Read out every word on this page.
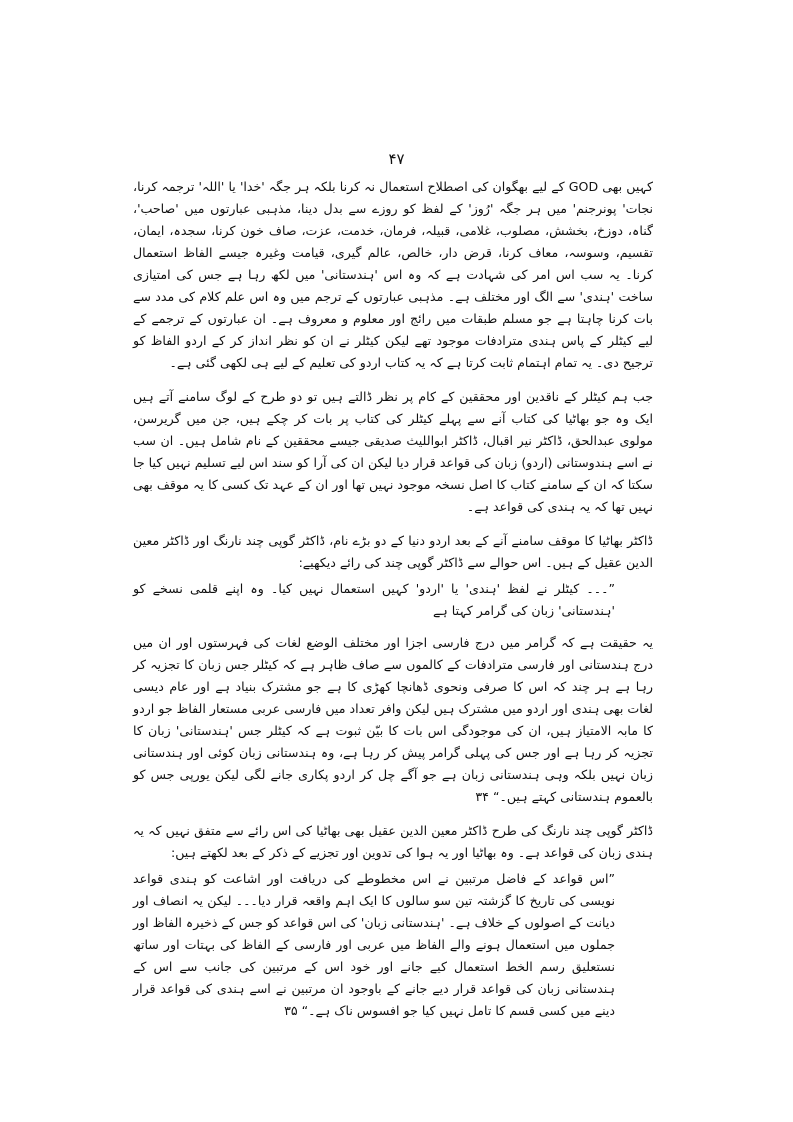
۴۷

کہیں بھی GOD کے لیے بھگوان کی اصطلاح استعمال نہ کرنا بلکہ ہر جگہ 'خدا' یا 'اللہ' ترجمہ کرنا، نجات' پونرجنم' میں ہر جگہ 'رُوز' کے لفظ کو روزے سے بدل دینا، مذہبی عبارتوں میں 'صاحب'، گناہ، دوزخ، بخشش، مصلوب، غلامی، قبیلہ، فرمان، خدمت، عزت، صاف خون کرنا، سجدہ، ایمان، تقسیم، وسوسہ، معاف کرنا، قرض دار، خالص، عالم گیری، قیامت وغیرہ جیسے الفاظ استعمال کرنا۔ یہ سب اس امر کی شہادت ہے کہ وہ اس 'ہندستانی' میں لکھ رہا ہے جس کی امتیازی ساخت 'ہندی' سے الگ اور مختلف ہے۔ مذہبی عبارتوں کے ترجم میں وہ اس علم کلام کی مدد سے بات کرنا چاہتا ہے جو مسلم طبقات میں رائج اور معلوم و معروف ہے۔ ان عبارتوں کے ترجمے کے لیے کیٹلر کے پاس ہندی مترادفات موجود تھے لیکن کیٹلر نے ان کو نظر انداز کر کے اردو الفاظ کو ترجیح دی۔ یہ تمام اہتمام ثابت کرتا ہے کہ یہ کتاب اردو کی تعلیم کے لیے ہی لکھی گئی ہے۔

جب ہم کیٹلر کے ناقدین اور محققین کے کام پر نظر ڈالتے ہیں تو دو طرح کے لوگ سامنے آتے ہیں ایک وہ جو بھاٹیا کی کتاب آنے سے پہلے کیٹلر کی کتاب پر بات کر چکے ہیں، جن میں گریرسن، مولوی عبدالحق، ڈاکٹر نیر اقبال، ڈاکٹر ابواللیث صدیقی جیسے محققین کے نام شامل ہیں۔ ان سب نے اسے ہندوستانی (اردو) زبان کی قواعد قرار دیا لیکن ان کی آرا کو سند اس لیے تسلیم نہیں کیا جا سکتا کہ ان کے سامنے کتاب کا اصل نسخہ موجود نہیں تھا اور ان کے عہد تک کسی کا یہ موقف بھی نہیں تھا کہ یہ ہندی کی قواعد ہے۔

ڈاکٹر بھاٹیا کا موقف سامنے آنے کے بعد اردو دنیا کے دو بڑے نام، ڈاکٹر گوپی چند نارنگ اور ڈاکٹر معین الدین عقیل کے ہیں۔ اس حوالے سے ڈاکٹر گوپی چند کی رائے دیکھیے:

”۔۔۔ کیٹلر نے لفظ 'ہندی' یا 'اردو' کہیں استعمال نہیں کیا۔ وہ اپنے قلمی نسخے کو 'ہندستانی' زبان کی گرامر کہتا ہے

یہ حقیقت ہے کہ گرامر میں درج فارسی اجزا اور مختلف الوضع لغات کی فہرستوں اور ان میں درج ہندستانی اور فارسی مترادفات کے کالموں سے صاف ظاہر ہے کہ کیٹلر جس زبان کا تجزیہ کر رہا ہے ہر چند کہ اس کا صرفی ونحوی ڈھانچا کھڑی کا ہے جو مشترک بنیاد ہے اور عام دیسی لغات بھی ہندی اور اردو میں مشترک ہیں لیکن وافر تعداد میں فارسی عربی مستعار الفاظ جو اردو کا مابہ الامتیاز ہیں، ان کی موجودگی اس بات کا بیّن ثبوت ہے کہ کیٹلر جس 'ہندستانی' زبان کا تجزیہ کر رہا ہے اور جس کی پہلی گرامر پیش کر رہا ہے، وہ ہندستانی زبان کوئی اور ہندستانی زبان نہیں بلکہ وہی ہندستانی زبان ہے جو آگے چل کر اردو پکاری جانے لگی لیکن یورپی جس کو بالعموم ہندستانی کہتے ہیں۔“ ۳۴

ڈاکٹر گوپی چند نارنگ کی طرح ڈاکٹر معین الدین عقیل بھی بھاٹیا کی اس رائے سے متفق نہیں کہ یہ ہندی زبان کی قواعد ہے۔ وہ بھاٹیا اور یہ ہوا کی تدوین اور تجزیے کے ذکر کے بعد لکھتے ہیں:

”اس قواعد کے فاضل مرتبین نے اس مخطوطے کی دریافت اور اشاعت کو ہندی قواعد نویسی کی تاریخ کا گزشتہ تین سو سالوں کا ایک اہم واقعہ قرار دیا۔۔۔ لیکن یہ انصاف اور دیانت کے اصولوں کے خلاف ہے۔ 'ہندستانی زبان' کی اس قواعد کو جس کے ذخیرہ الفاظ اور جملوں میں استعمال ہونے والے الفاظ میں عربی اور فارسی کے الفاظ کی بہتات اور ساتھ نستعلیق رسم الخط استعمال کیے جانے اور خود اس کے مرتبین کی جانب سے اس کے ہندستانی زبان کی قواعد قرار دیے جانے کے باوجود ان مرتبین نے اسے ہندی کی قواعد قرار دینے میں کسی قسم کا تامل نہیں کیا جو افسوس ناک ہے۔“ ۳۵
